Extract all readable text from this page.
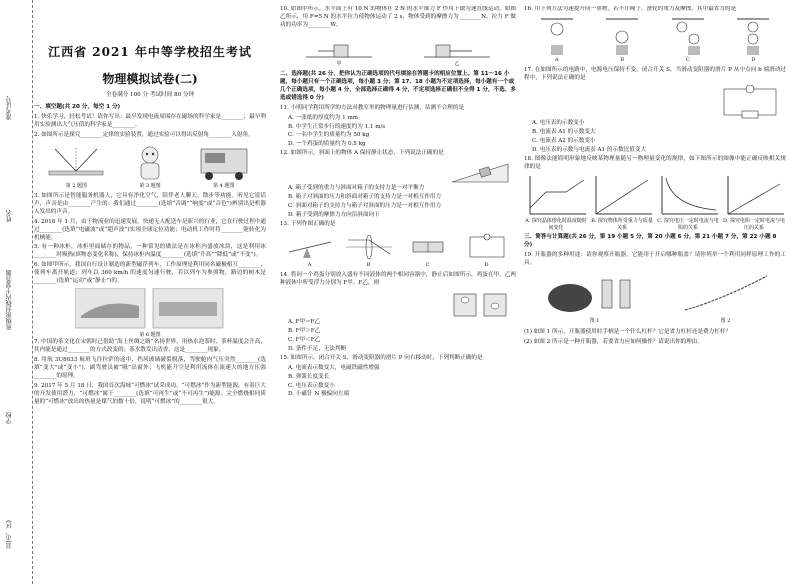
准考证号
姓名
密封线内不要答题
班级
学校
县(市、区)
江西省 2021 年中等学校招生考试
物理模拟试卷(二)
全卷满分 100 分 考试时间 80 分钟
一、填空题(共 20 分，每空 1 分)

1. 快乐学习，轻松考试！请你写出：最早发现电流周围存在磁场的科学家是________；最早利用实验测出大气压值的科学家是________。

2. 如图所示是探究________定律的实验装置，通过实验可以得出反射角________入射角。

第 2 题图	第 3 题图	第 4 题图

3. 如图所示是智能服务机器人，它具有净化空气，陪伴老人聊天，散步等功能。听见它说话声，声音是由________产生的；我们通过________(选填“音调”“响度”或“音色”)辨别出是机器人发出的声音。

4. 2018 年 1 月，由于物流业的迅速发展，快递无人配送车是新兴的行业，它在行驶过程中通过________(选填“电磁波”或“超声波”)实现全球定位功能；电动机工作时将________能转化为机械能。

5. 有一种冰柜，冰柜里面储存的物品，一种常见的做法是在冰柜内盛放冰块，这是利用冰________时吸热(填物态变化名称)，保持冰柜内温度________(选填“升高”“降低”或“不变”)。

6. 如图甲所示，我国自行设计制造的新型磁浮列车，工作原理是利用同名磁极相互________，使列车离开轨道；列车以 360 km/h 的速度匀速行驶，若以列车为参照物，路边的树木是________(选填“运动”或“静止”)的。

第 6 题图

7. 中国的茶文化在宋朝时已借助“海上丝绸之路”名扬世界。用热水泡茶时，茶杯温度会升高，其内能是通过________的方式改变的；茶水散发出清香，这是________现象。

8. 用航 3U8633 航班飞往拉萨的途中，挡风玻璃破裂脱落，驾驶舱内气压突然________(选填“变大”或“变小”)，副驾驶员被“吸”出窗外；飞机能升空是利用流体在流速大的地方压强________的原理。

9. 2017 年 5 月 18 日，我国首次海域“可燃冰”试采成功。“可燃冰”作为新型能源，有着巨大的开发使用潜力，“可燃冰”属于________(选填“可再生”或“不可再生”)能源；完全燃烧相同质量的“可燃冰”放出的热量是煤气的数十倍，说明“可燃冰”的________很大。

10. 如图甲所示，水平面上有 10 N 的物体在 2 N 的水平推力 F 作用下做匀速直线运动，如图乙所示，用 F=5 N 的水平拉力使物体运动了 2 s，物体受到的摩擦力为________N，拉力 F 做功的功率为________W。

甲	乙
二、选择题(共 26 分，把你认为正确选项的代号填涂在答题卡的相应位置上。第 11～16 小题，每小题只有一个正确选项，每小题 3 分；第 17、18 小题为不定项选择，每小题有一个或几个正确选项，每小题 4 分，全部选择正确得 4 分，不定项选择正确但不全得 1 分，不选、多选或错选得 0 分)

11. 小明同学利用所学的方法对教室里的物理量进行估测，估测不合理的是

A. 一张纸的厚度约为 1 mm
B. 中学生正常步行的速度约为 1.1 m/s
C. 一名中学生的质量约为 50 kg
D. 一个鸡蛋的质量约为 0.5 kg

12. 如图所示，斜面上的物体 A 保持静止状态，下列说法正确的是

A. 箱子受到的重力与斜面对箱子的支持力是一对平衡力
B. 箱子对斜面的压力和斜面对箱子的支持力是一对相互作用力
C. 斜面对箱子的支持力与箱子对斜面的压力是一对相互作用力
D. 箱子受到的摩擦力方向沿斜面向下

13. 下列作图正确的是

A	B	C	D

14. 将同一个鸡蛋分别放入盛有不同液体的两个相同容器中，静止后如图所示，鸡蛋在甲、乙两种液体中所受浮力分别为 F甲、F乙，则

A. F甲＝F乙
B. F甲＞F乙
C. F甲＜F乙
D. 条件不足，无法判断

15. 如图所示，闭合开关 S，滑动变阻器的滑片 P 向右移动时，下列判断正确的是

A. 电流表示数变大，电磁铁磁性增强
B. 弹簧长度变长
C. 电压表示数变小
D. 小磁针 N 极偏向左端

16. 用下列方法匀速提升同一重物，若不计绳子、滑轮的重力及摩擦，其中最省力的是

A	B	C	D

17. 在如图所示的电路中，电源电压保持不变，闭合开关 S，当滑动变阻器的滑片 P 从中点向 b 端滑动过程中，下列说法正确的是

A. 电压表的示数变小
B. 电流表 A1 的示数变大
C. 电流表 A2 的示数变小
D. 电压表的示数与电流表 A1 的示数比值变大

18. 图像法能简明形象地反映某物理量随另一物理量变化的规律，如下图所示的图像中能正确反映相关规律的是

A. 探究晶体熔化时温度随时间变化
B. 探究物体所受重力与质量关系
C. 探究电压一定时电流与电阻的关系
D. 探究电阻一定时电流与电压的关系
三、简答与计算题(共 26 分，第 19 小题 5 分，第 20 小题 6 分，第 21 小题 7 分，第 22 小题 8 分)

19. 开瓶器的多种用途：请你观察开瓶器，它能用于开启哪种瓶盖？请你列举一个利用同样原理工作的工具。

图 1	图 2

(1) 如图 1 所示，开瓶器使用时手柄是一个什么杠杆？它是省力杠杆还是费力杠杆？

(2) 如图 2 所示是一种开瓶器，若要省力应如何操作？请说出你的理由。
